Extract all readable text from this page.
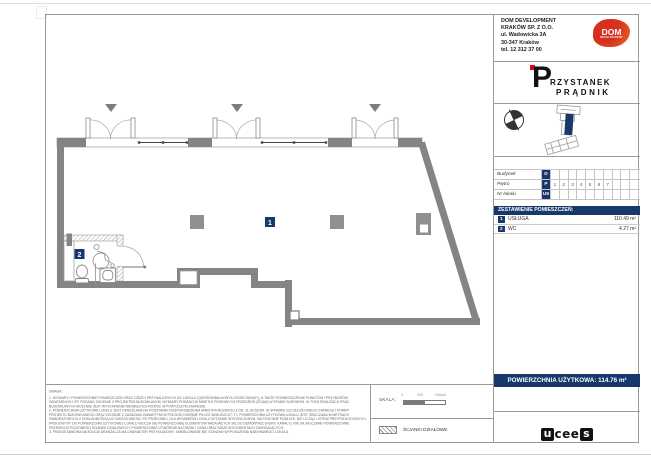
1
2
DOM DEVELOPMENT
KRAKÓW SP. Z O.O.
ul. Wadowicka 3A
30-347 Kraków
tel. 12 312 37 00
DOM
DEVELOPMENT
P
RZYSTANEK
PRĄDNIK
Budynek	D
Piętro	P	1	2	3	4	5	6	7
Nr lokalu	U5
ZESTAWIENIE POMIESZCZEŃ:
1	USŁUGA	110.49 m²
2	WC	4.27 m²
POWIERZCHNIA UŻYTKOWA: 114.76 m²
u cee s

UWAGA:

1. WYMIARY I POWIERZCHNIE POMIESZCZEŃ ORAZ CZĘŚCI PRZYNALEŻNYCH DO LOKALU (OGRÓDKI/BALKONY/LOGGIE/TARASY), A TAKŻE ROZMIESZCZENIE PUNKTÓW I PRZYBORÓW SANITARNYCH ITP. PODANO ZGODNIE Z PROJEKTEM BUDOWLANYM. WYMIARY PODANO W ŚWIETLE PIONOWYCH PRZEGRÓD (ŚCIAN) W STANIE SUROWYM. W TOKU REALIZACJI PRAC BUDOWLANYCH MOŻLIWE JEST WYSTĄPIENIE NIEWIELKICH RÓŻNIC W POWYŻSZYM ZAKRESIE.

2. POWIERZCHNIA UŻYTKOWA LOKALU JEST OKREŚLANA NA PODSTAWIE ROZPORZĄDZENIA MINISTRA ROZWOJU Z DN. 11.09.2020R. W SPRAWIE SZCZEGÓŁOWEGO ZAKRESU I FORMY PROJEKTU BUDOWLANEGO ORAZ ZGODNIE Z ZASADAMI ZAWARTYMI W POLSKIEJ NORMIE PN-ISO 9836:2022-07, TJ. POWIERZCHNIA UŻYTKOWA LOKALU JEST OBLICZANA W METRACH KWADRATOWYCH Z DOKŁADNOŚCIĄ DO DWÓCH MIEJSC PO PRZECINKU, DLA WYMIARÓW LOKALU W STANIE WYKOŃCZONYM, NA POZIOMIE PODŁOGI, NIE LICZĄC LISTEW PRZYPODŁOGOWYCH, PROGÓW ITP. DO POWIERZCHNI UŻYTKOWEJ LOKALU WLICZA SIĘ POWIERZCHNIĘ ELEMENTÓW NADAJĄCYCH SIĘ DO DEMONTAŻU (RURY, KANAŁY). NIE SĄ WLICZANE POWIERZCHNIE PRZEKROJU POZIOMEGO ŚCIANEK DZIAŁOWYCH, POWIERZCHNIE OTWORÓW NA DRZWI I OKNA ORAZ NISZE W ELEMENTACH ZAMYKAJĄCYCH.

3. PRZEDSTAWIONA NA RZUCIE ARANŻACJA MA CHARAKTER PRZYKŁADOWY. UMEBLOWANIE NIE STANOWI WYPOSAŻENIA NABYWANEGO LOKALU.

SKALA:
0	100	200cm
ŚCIANKI DZIAŁOWE
